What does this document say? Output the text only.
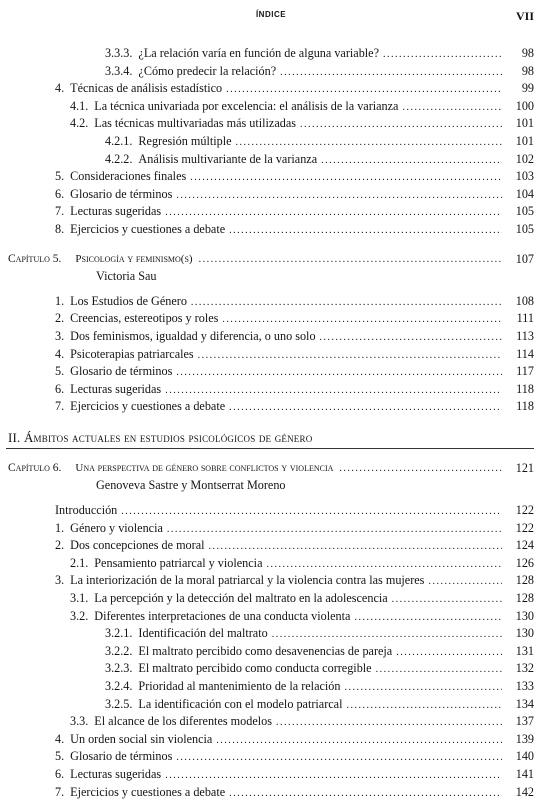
ÍNDICE	VII
3.3.3. ¿La relación varía en función de alguna variable? .....	98
3.3.4. ¿Cómo predecir la relación? .....	98
4. Técnicas de análisis estadístico .....	99
4.1. La técnica univariada por excelencia: el análisis de la varianza .....	100
4.2. Las técnicas multivariadas más utilizadas .....	101
4.2.1. Regresión múltiple .....	101
4.2.2. Análisis multivariante de la varianza .....	102
5. Consideraciones finales .....	103
6. Glosario de términos .....	104
7. Lecturas sugeridas .....	105
8. Ejercicios y cuestiones a debate .....	105
Capítulo 5. Psicología y feminismo(s) .....	107
Victoria Sau
1. Los Estudios de Género .....	108
2. Creencias, estereotipos y roles .....	111
3. Dos feminismos, igualdad y diferencia, o uno solo .....	113
4. Psicoterapias patriarcales .....	114
5. Glosario de términos .....	117
6. Lecturas sugeridas .....	118
7. Ejercicios y cuestiones a debate .....	118
II. Ámbitos actuales en estudios psicológicos de género
Capítulo 6. Una perspectiva de género sobre conflictos y violencia .....	121
Genoveva Sastre y Montserrat Moreno
Introducción .....	122
1. Género y violencia .....	122
2. Dos concepciones de moral .....	124
2.1. Pensamiento patriarcal y violencia .....	126
3. La interiorización de la moral patriarcal y la violencia contra las mujeres .....	128
3.1. La percepción y la detección del maltrato en la adolescencia .....	128
3.2. Diferentes interpretaciones de una conducta violenta .....	130
3.2.1. Identificación del maltrato .....	130
3.2.2. El maltrato percibido como desavenencias de pareja .....	131
3.2.3. El maltrato percibido como conducta corregible .....	132
3.2.4. Prioridad al mantenimiento de la relación .....	133
3.2.5. La identificación con el modelo patriarcal .....	134
3.3. El alcance de los diferentes modelos .....	137
4. Un orden social sin violencia .....	139
5. Glosario de términos .....	140
6. Lecturas sugeridas .....	141
7. Ejercicios y cuestiones a debate .....	142
